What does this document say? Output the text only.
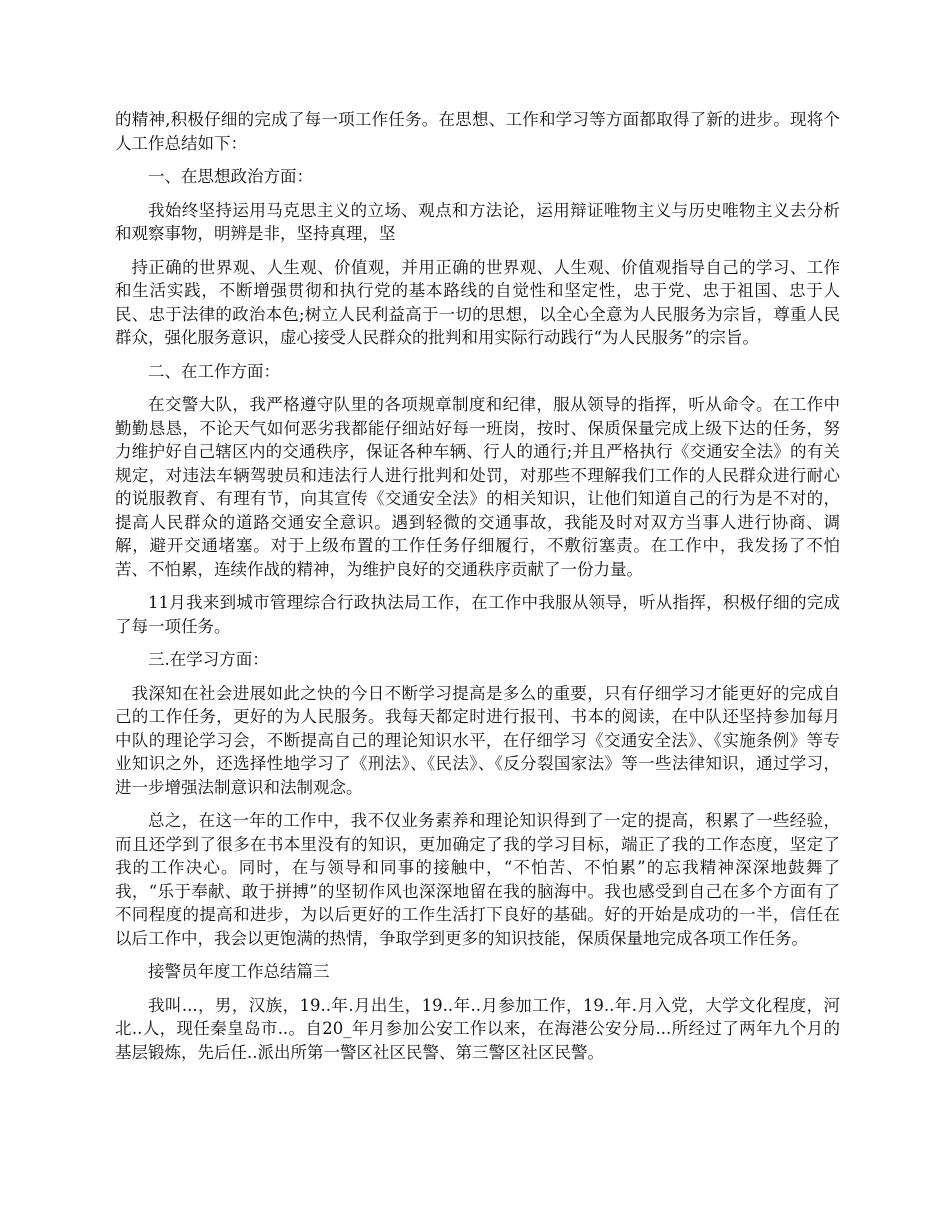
的精神,积极仔细的完成了每一项工作任务。在思想、工作和学习等方面都取得了新的进步。现将个人工作总结如下：

一、在思想政治方面：

我始终坚持运用马克思主义的立场、观点和方法论，运用辩证唯物主义与历史唯物主义去分析和观察事物，明辨是非，坚持真理，坚

持正确的世界观、人生观、价值观，并用正确的世界观、人生观、价值观指导自己的学习、工作和生活实践，不断增强贯彻和执行党的基本路线的自觉性和坚定性，忠于党、忠于祖国、忠于人民、忠于法律的政治本色;树立人民利益高于一切的思想，以全心全意为人民服务为宗旨，尊重人民群众，强化服务意识，虚心接受人民群众的批判和用实际行动践行“为人民服务”的宗旨。

二、在工作方面：

在交警大队，我严格遵守队里的各项规章制度和纪律，服从领导的指挥，听从命令。在工作中勤勤恳恳，不论天气如何恶劣我都能仔细站好每一班岗，按时、保质保量完成上级下达的任务，努力维护好自己辖区内的交通秩序，保证各种车辆、行人的通行;并且严格执行《交通安全法》的有关规定，对违法车辆驾驶员和违法行人进行批判和处罚，对那些不理解我们工作的人民群众进行耐心的说服教育、有理有节，向其宣传《交通安全法》的相关知识，让他们知道自己的行为是不对的，提高人民群众的道路交通安全意识。遇到轻微的交通事故，我能及时对双方当事人进行协商、调解，避开交通堵塞。对于上级布置的工作任务仔细履行，不敷衍塞责。在工作中，我发扬了不怕苦、不怕累，连续作战的精神，为维护良好的交通秩序贡献了一份力量。

11月我来到城市管理综合行政执法局工作，在工作中我服从领导，听从指挥，积极仔细的完成了每一项任务。

三.在学习方面：

我深知在社会进展如此之快的今日不断学习提高是多么的重要，只有仔细学习才能更好的完成自己的工作任务，更好的为人民服务。我每天都定时进行报刊、书本的阅读，在中队还坚持参加每月中队的理论学习会，不断提高自己的理论知识水平，在仔细学习《交通安全法》、《实施条例》等专业知识之外，还选择性地学习了《刑法》、《民法》、《反分裂国家法》等一些法律知识，通过学习，进一步增强法制意识和法制观念。

总之，在这一年的工作中，我不仅业务素养和理论知识得到了一定的提高，积累了一些经验，而且还学到了很多在书本里没有的知识，更加确定了我的学习目标，端正了我的工作态度，坚定了我的工作决心。同时，在与领导和同事的接触中，“不怕苦、不怕累”的忘我精神深深地鼓舞了我，“乐于奉献、敢于拼搏”的坚韧作风也深深地留在我的脑海中。我也感受到自己在多个方面有了不同程度的提高和进步，为以后更好的工作生活打下良好的基础。好的开始是成功的一半，信任在以后工作中，我会以更饱满的热情，争取学到更多的知识技能，保质保量地完成各项工作任务。

接警员年度工作总结篇三

我叫...，男，汉族，19..年.月出生，19..年..月参加工作，19..年.月入党，大学文化程度，河北..人，现任秦皇岛市..。自20_年月参加公安工作以来，在海港公安分局...所经过了两年九个月的基层锻炼，先后任..派出所第一警区社区民警、第三警区社区民警。
